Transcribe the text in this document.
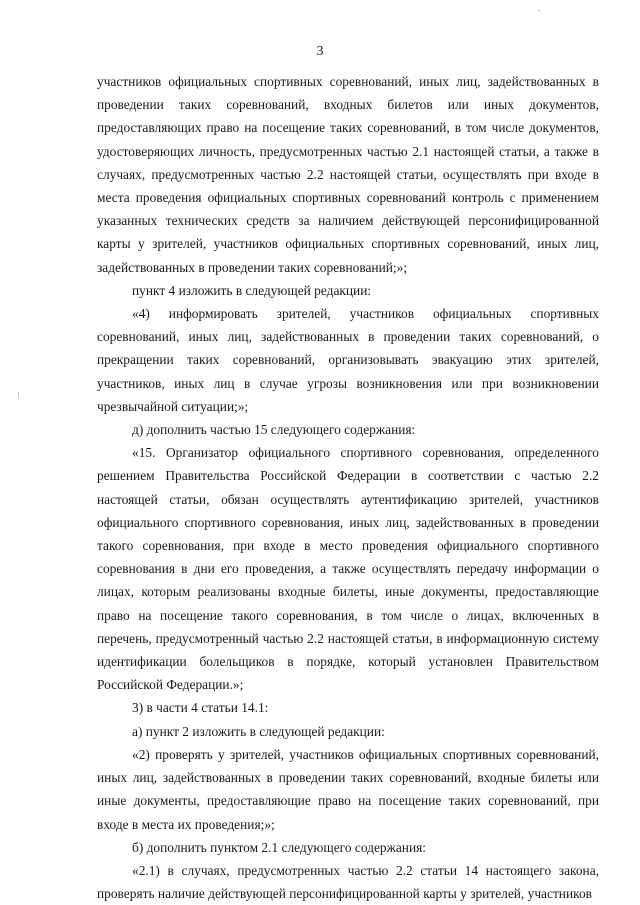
3

участников официальных спортивных соревнований, иных лиц, задействованных в проведении таких соревнований, входных билетов или иных документов, предоставляющих право на посещение таких соревнований, в том числе документов, удостоверяющих личность, предусмотренных частью 2.1 настоящей статьи, а также в случаях, предусмотренных частью 2.2 настоящей статьи, осуществлять при входе в места проведения официальных спортивных соревнований контроль с применением указанных технических средств за наличием действующей персонифицированной карты у зрителей, участников официальных спортивных соревнований, иных лиц, задействованных в проведении таких соревнований;»;

пункт 4 изложить в следующей редакции:

«4) информировать зрителей, участников официальных спортивных соревнований, иных лиц, задействованных в проведении таких соревнований, о прекращении таких соревнований, организовывать эвакуацию этих зрителей, участников, иных лиц в случае угрозы возникновения или при возникновении чрезвычайной ситуации;»;

д) дополнить частью 15 следующего содержания:

«15. Организатор официального спортивного соревнования, определенного решением Правительства Российской Федерации в соответствии с частью 2.2 настоящей статьи, обязан осуществлять аутентификацию зрителей, участников официального спортивного соревнования, иных лиц, задействованных в проведении такого соревнования, при входе в место проведения официального спортивного соревнования в дни его проведения, а также осуществлять передачу информации о лицах, которым реализованы входные билеты, иные документы, предоставляющие право на посещение такого соревнования, в том числе о лицах, включенных в перечень, предусмотренный частью 2.2 настоящей статьи, в информационную систему идентификации болельщиков в порядке, который установлен Правительством Российской Федерации.»;

3) в части 4 статьи 14.1:

а) пункт 2 изложить в следующей редакции:

«2) проверять у зрителей, участников официальных спортивных соревнований, иных лиц, задействованных в проведении таких соревнований, входные билеты или иные документы, предоставляющие право на посещение таких соревнований, при входе в места их проведения;»;

б) дополнить пунктом 2.1 следующего содержания:

«2.1) в случаях, предусмотренных частью 2.2 статьи 14 настоящего закона, проверять наличие действующей персонифицированной карты у зрителей, участников
